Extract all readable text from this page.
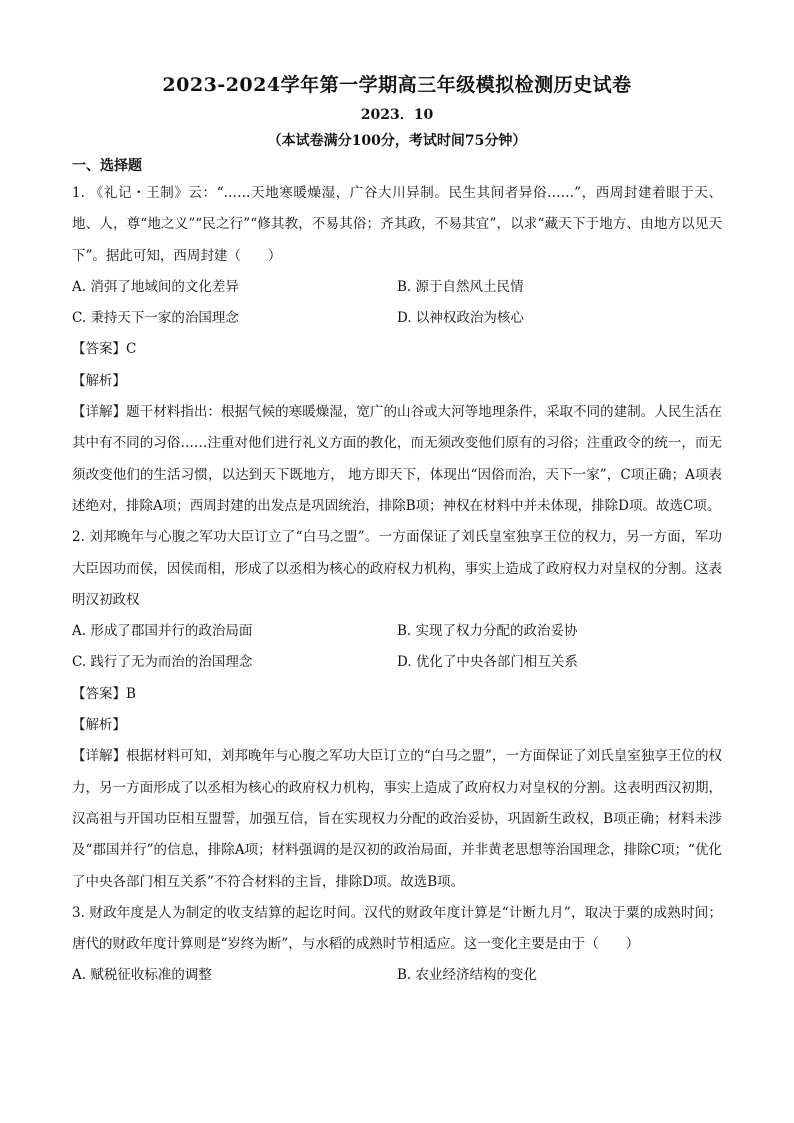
2023-2024学年第一学期高三年级模拟检测历史试卷
2023．10
（本试卷满分100分，考试时间75分钟）
一、选择题

1. 《礼记・王制》云：“……天地寒暖燥湿，广谷大川异制。民生其间者异俗……”，西周封建着眼于天、地、人，尊“地之义”“民之行”“修其教，不易其俗；齐其政，不易其宜”，以求“藏天下于地方、由地方以见天下”。据此可知，西周封建（　　）

A. 消弭了地域间的文化差异	B. 源于自然风土民情
C. 秉持天下一家的治国理念	D. 以神权政治为核心

【答案】C

【解析】

【详解】题干材料指出：根据气候的寒暖燥湿，宽广的山谷或大河等地理条件，采取不同的建制。人民生活在其中有不同的习俗……注重对他们进行礼义方面的教化，而无须改变他们原有的习俗；注重政令的统一，而无须改变他们的生活习惯，以达到天下既地方， 地方即天下，体现出“因俗而治，天下一家”，C项正确；A项表述绝对，排除A项；西周封建的出发点是巩固统治，排除B项；神权在材料中并未体现，排除D项。故选C项。

2. 刘邦晚年与心腹之军功大臣订立了“白马之盟”。一方面保证了刘氏皇室独享王位的权力，另一方面，军功大臣因功而侯，因侯而相，形成了以丞相为核心的政府权力机构，事实上造成了政府权力对皇权的分割。这表明汉初政权

A. 形成了郡国并行的政治局面	B. 实现了权力分配的政治妥协
C. 践行了无为而治的治国理念	D. 优化了中央各部门相互关系

【答案】B

【解析】

【详解】根据材料可知，刘邦晚年与心腹之军功大臣订立的“白马之盟”，一方面保证了刘氏皇室独享王位的权力，另一方面形成了以丞相为核心的政府权力机构，事实上造成了政府权力对皇权的分割。这表明西汉初期，汉高祖与开国功臣相互盟誓，加强互信，旨在实现权力分配的政治妥协，巩固新生政权，B项正确；材料未涉及“郡国并行”的信息，排除A项；材料强调的是汉初的政治局面，并非黄老思想等治国理念，排除C项；“优化了中央各部门相互关系”不符合材料的主旨，排除D项。故选B项。

3. 财政年度是人为制定的收支结算的起讫时间。汉代的财政年度计算是“计断九月”，取决于粟的成熟时间；唐代的财政年度计算则是“岁终为断”，与水稻的成熟时节相适应。这一变化主要是由于（　　）

A. 赋税征收标准的调整	B. 农业经济结构的变化
